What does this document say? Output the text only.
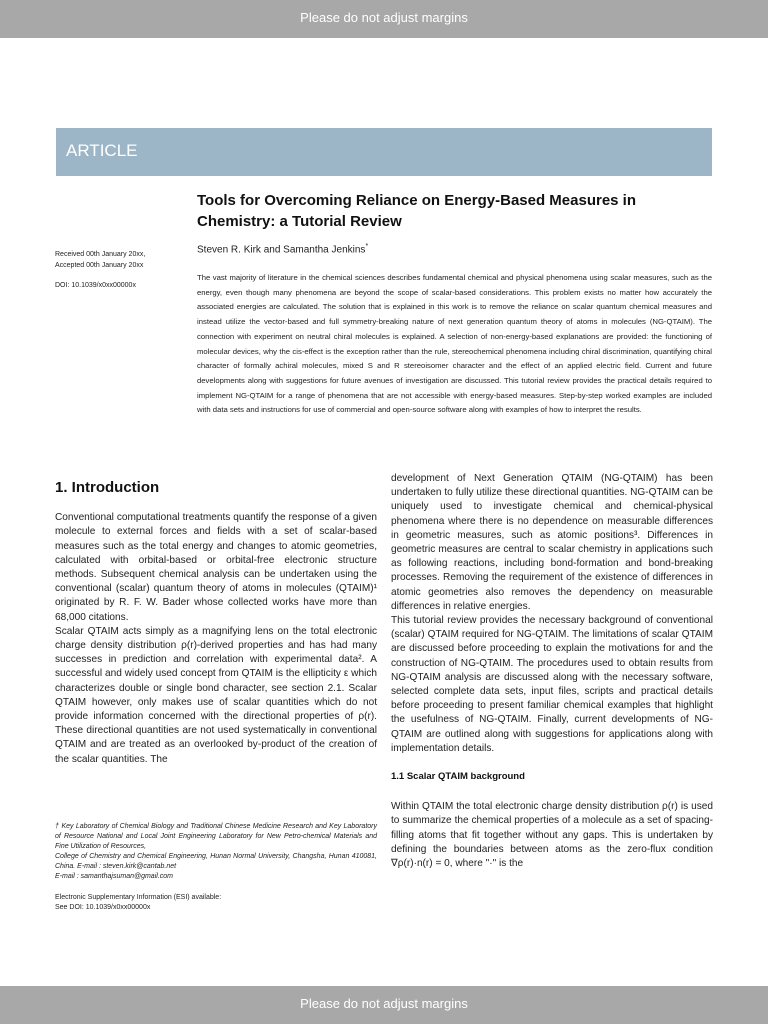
Please do not adjust margins
ARTICLE
Tools for Overcoming Reliance on Energy-Based Measures in
Chemistry: a Tutorial Review
Steven R. Kirk and Samantha Jenkins*
Received 00th January 20xx,
Accepted 00th January 20xx
DOI: 10.1039/x0xx00000x
The vast majority of literature in the chemical sciences describes fundamental chemical and physical phenomena using scalar measures, such as the energy, even though many phenomena are beyond the scope of scalar-based considerations. This problem exists no matter how accurately the associated energies are calculated. The solution that is explained in this work is to remove the reliance on scalar quantum chemical measures and instead utilize the vector-based and full symmetry-breaking nature of next generation quantum theory of atoms in molecules (NG-QTAIM). The connection with experiment on neutral chiral molecules is explained. A selection of non-energy-based explanations are provided: the functioning of molecular devices, why the cis-effect is the exception rather than the rule, stereochemical phenomena including chiral discrimination, quantifying chiral character of formally achiral molecules, mixed S and R stereoisomer character and the effect of an applied electric field. Current and future developments along with suggestions for future avenues of investigation are discussed. This tutorial review provides the practical details required to implement NG-QTAIM for a range of phenomena that are not accessible with energy-based measures. Step-by-step worked examples are included with data sets and instructions for use of commercial and open-source software along with examples of how to interpret the results.
1. Introduction

Conventional computational treatments quantify the response of a given molecule to external forces and fields with a set of scalar-based measures such as the total energy and changes to atomic geometries, calculated with orbital-based or orbital-free electronic structure methods. Subsequent chemical analysis can be undertaken using the conventional (scalar) quantum theory of atoms in molecules (QTAIM)¹ originated by R. F. W. Bader whose collected works have more than 68,000 citations.

Scalar QTAIM acts simply as a magnifying lens on the total electronic charge density distribution ρ(r)-derived properties and has had many successes in prediction and correlation with experimental data². A successful and widely used concept from QTAIM is the ellipticity ε which characterizes double or single bond character, see section 2.1. Scalar QTAIM however, only makes use of scalar quantities which do not provide information concerned with the directional properties of ρ(r). These directional quantities are not used systematically in conventional QTAIM and are treated as an overlooked by-product of the creation of the scalar quantities. The

development of Next Generation QTAIM (NG-QTAIM) has been undertaken to fully utilize these directional quantities. NG-QTAIM can be uniquely used to investigate chemical and chemical-physical phenomena where there is no dependence on measurable differences in geometric measures, such as atomic positions³. Differences in geometric measures are central to scalar chemistry in applications such as following reactions, including bond-formation and bond-breaking processes. Removing the requirement of the existence of differences in atomic geometries also removes the dependency on measurable differences in relative energies.

This tutorial review provides the necessary background of conventional (scalar) QTAIM required for NG-QTAIM. The limitations of scalar QTAIM are discussed before proceeding to explain the motivations for and the construction of NG-QTAIM. The procedures used to obtain results from NG-QTAIM analysis are discussed along with the necessary software, selected complete data sets, input files, scripts and practical details before proceeding to present familiar chemical examples that highlight the usefulness of NG-QTAIM. Finally, current developments of NG-QTAIM are outlined along with suggestions for applications along with implementation details.

1.1 Scalar QTAIM background

Within QTAIM the total electronic charge density distribution ρ(r) is used to summarize the chemical properties of a molecule as a set of spacing-filling atoms that fit together without any gaps. This is undertaken by defining the boundaries between atoms as the zero-flux condition ∇ρ(r)·n(r) = 0, where "·" is the

† Key Laboratory of Chemical Biology and Traditional Chinese Medicine Research and Key Laboratory of Resource National and Local Joint Engineering Laboratory for New Petro-chemical Materials and Fine Utilization of Resources,
College of Chemistry and Chemical Engineering, Hunan Normal University, Changsha, Hunan 410081, China. E-mail : steven.kirk@cantab.net
E-mail : samanthajsuman@gmail.com
Electronic Supplementary Information (ESI) available:
See DOI: 10.1039/x0xx00000x
Please do not adjust margins
